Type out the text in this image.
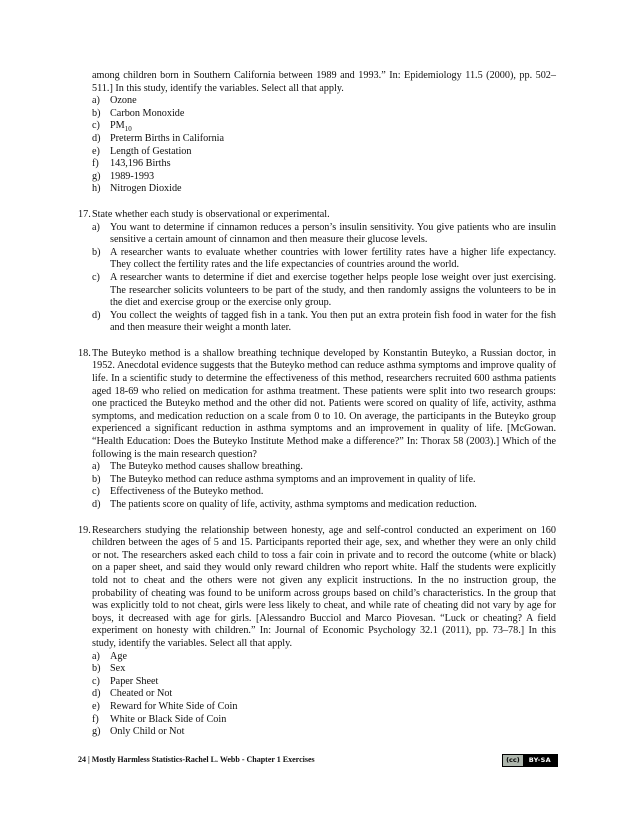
among children born in Southern California between 1989 and 1993.” In: Epidemiology 11.5 (2000), pp. 502–511.] In this study, identify the variables. Select all that apply.
a) Ozone
b) Carbon Monoxide
c) $PM_{10}$
d) Preterm Births in California
e) Length of Gestation
f)	143,196 Births
g) 1989-1993
h) Nitrogen Dioxide
17. State whether each study is observational or experimental.
a) You want to determine if cinnamon reduces a person’s insulin sensitivity. You give patients who are insulin sensitive a certain amount of cinnamon and then measure their glucose levels.
b) A researcher wants to evaluate whether countries with lower fertility rates have a higher life expectancy. They collect the fertility rates and the life expectancies of countries around the world.
c) A researcher wants to determine if diet and exercise together helps people lose weight over just exercising. The researcher solicits volunteers to be part of the study, and then randomly assigns the volunteers to be in the diet and exercise group or the exercise only group.
d) You collect the weights of tagged fish in a tank. You then put an extra protein fish food in water for the fish and then measure their weight a month later.
18. The Buteyko method is a shallow breathing technique developed by Konstantin Buteyko, a Russian doctor, in 1952. Anecdotal evidence suggests that the Buteyko method can reduce asthma symptoms and improve quality of life. In a scientific study to determine the effectiveness of this method, researchers recruited 600 asthma patients aged 18-69 who relied on medication for asthma treatment. These patients were split into two research groups: one practiced the Buteyko method and the other did not. Patients were scored on quality of life, activity, asthma symptoms, and medication reduction on a scale from 0 to 10. On average, the participants in the Buteyko group experienced a significant reduction in asthma symptoms and an improvement in quality of life. [McGowan. “Health Education: Does the Buteyko Institute Method make a difference?” In: Thorax 58 (2003).] Which of the following is the main research question?
a) The Buteyko method causes shallow breathing.
b) The Buteyko method can reduce asthma symptoms and an improvement in quality of life.
c) Effectiveness of the Buteyko method.
d) The patients score on quality of life, activity, asthma symptoms and medication reduction.
19. Researchers studying the relationship between honesty, age and self-control conducted an experiment on 160 children between the ages of 5 and 15. Participants reported their age, sex, and whether they were an only child or not. The researchers asked each child to toss a fair coin in private and to record the outcome (white or black) on a paper sheet, and said they would only reward children who report white. Half the students were explicitly told not to cheat and the others were not given any explicit instructions. In the no instruction group, the probability of cheating was found to be uniform across groups based on child’s characteristics. In the group that was explicitly told to not cheat, girls were less likely to cheat, and while rate of cheating did not vary by age for boys, it decreased with age for girls. [Alessandro Bucciol and Marco Piovesan. “Luck or cheating? A field experiment on honesty with children.” In: Journal of Economic Psychology 32.1 (2011), pp. 73–78.] In this study, identify the variables. Select all that apply.
a) Age
b) Sex
c) Paper Sheet
d) Cheated or Not
e) Reward for White Side of Coin
f)	White or Black Side of Coin
g) Only Child or Not
24 | Mostly Harmless Statistics-Rachel L. Webb - Chapter 1 Exercises	(cc)	BY-SA
